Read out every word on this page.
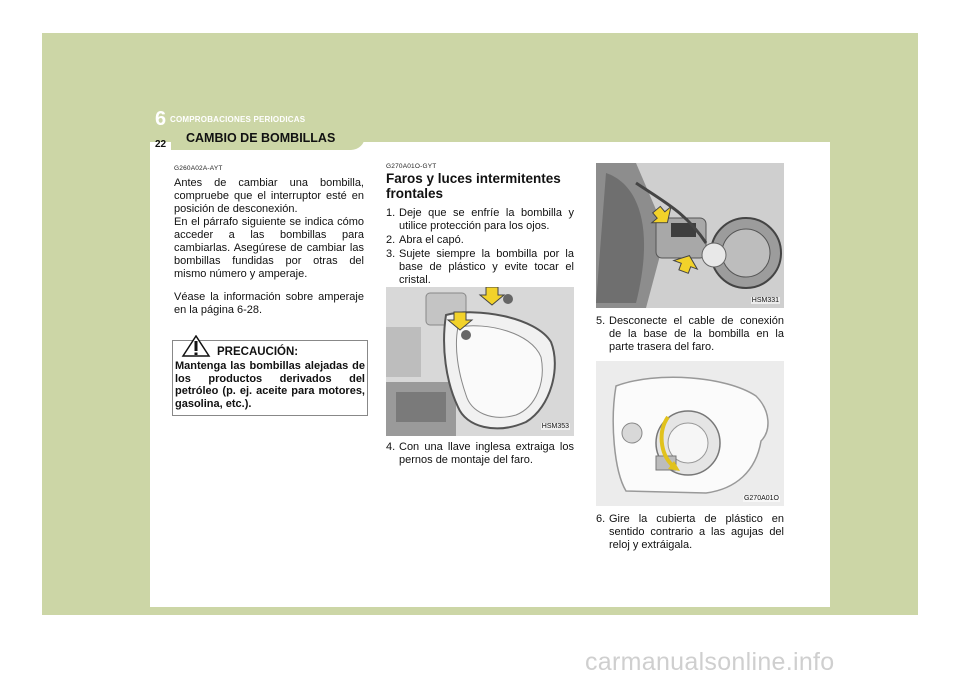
6 COMPROBACIONES PERIODICAS
CAMBIO DE BOMBILLAS
22
G260A02A-AYT
Antes de cambiar una bombilla, compruebe que el interruptor esté en posición de desconexión.
En el párrafo siguiente se indica cómo acceder a las bombillas para cambiarlas. Asegúrese de cambiar las bombillas fundidas por otras del mismo número y amperaje.
Véase la información sobre amperaje en la página 6-28.
PRECAUCIÓN:
Mantenga las bombillas alejadas de los productos derivados del petróleo (p. ej. aceite para motores, gasolina, etc.).
G270A01O-GYT
Faros y luces intermitentes frontales
1. Deje que se enfríe la bombilla y utilice protección para los ojos.
2. Abra el capó.
3. Sujete siempre la bombilla por la base de plástico y evite tocar el cristal.
HSM353
4. Con una llave inglesa extraiga los pernos de montaje del faro.
HSM331
5. Desconecte el cable de conexión de la base de la bombilla en la parte trasera del faro.
G270A01O
6. Gire la cubierta de plástico en sentido contrario a las agujas del reloj y extráigala.
carmanualsonline.info
